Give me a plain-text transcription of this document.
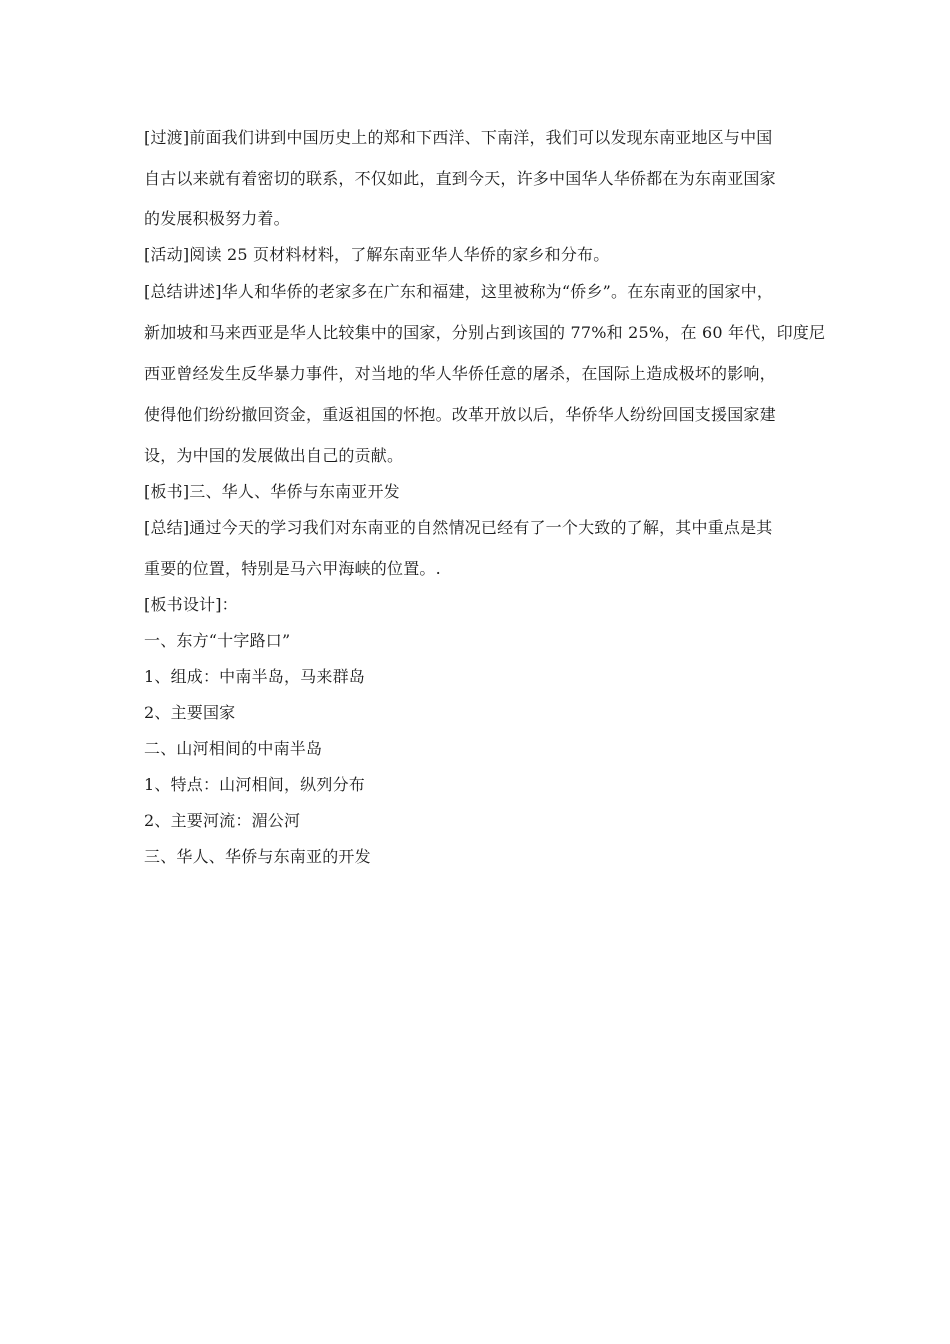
[过渡]前面我们讲到中国历史上的郑和下西洋、下南洋，我们可以发现东南亚地区与中国
自古以来就有着密切的联系，不仅如此，直到今天，许多中国华人华侨都在为东南亚国家
的发展积极努力着。
[活动]阅读 25 页材料材料，了解东南亚华人华侨的家乡和分布。
[总结讲述]华人和华侨的老家多在广东和福建，这里被称为“侨乡”。在东南亚的国家中，
新加坡和马来西亚是华人比较集中的国家，分别占到该国的 77%和 25%，在 60 年代，印度尼
西亚曾经发生反华暴力事件，对当地的华人华侨任意的屠杀，在国际上造成极坏的影响，
使得他们纷纷撤回资金，重返祖国的怀抱。改革开放以后，华侨华人纷纷回国支援国家建
设，为中国的发展做出自己的贡献。
[板书]三、华人、华侨与东南亚开发
[总结]通过今天的学习我们对东南亚的自然情况已经有了一个大致的了解，其中重点是其
重要的位置，特别是马六甲海峡的位置。.
[板书设计]：
一、东方“十字路口”
1、组成：中南半岛，马来群岛
2、主要国家
二、山河相间的中南半岛
1、特点：山河相间，纵列分布
2、主要河流：湄公河
三、华人、华侨与东南亚的开发
